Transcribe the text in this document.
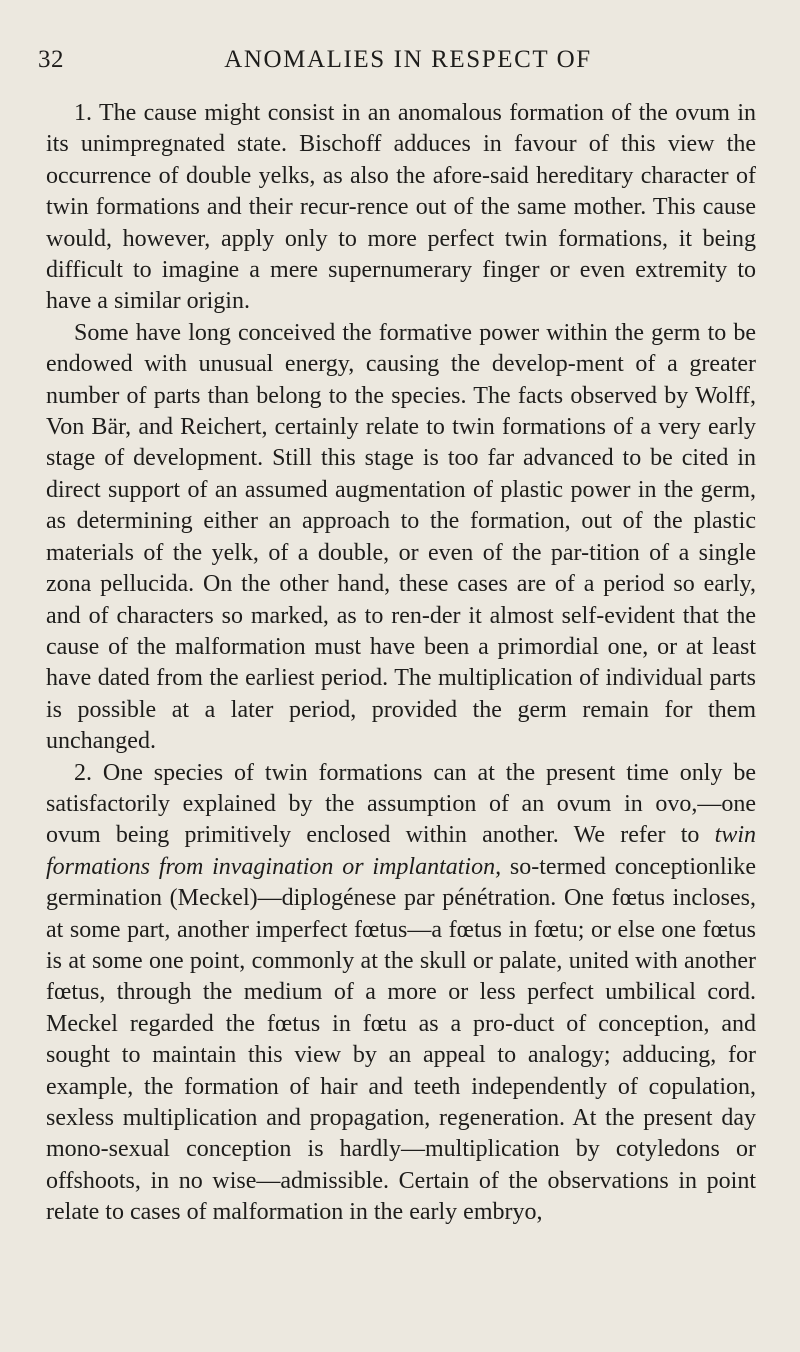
32	ANOMALIES IN RESPECT OF

1. The cause might consist in an anomalous formation of the ovum in its unimpregnated state. Bischoff adduces in favour of this view the occurrence of double yelks, as also the afore-said hereditary character of twin formations and their recur-rence out of the same mother. This cause would, however, apply only to more perfect twin formations, it being difficult to imagine a mere supernumerary finger or even extremity to have a similar origin.

Some have long conceived the formative power within the germ to be endowed with unusual energy, causing the develop-ment of a greater number of parts than belong to the species. The facts observed by Wolff, Von Bär, and Reichert, certainly relate to twin formations of a very early stage of development. Still this stage is too far advanced to be cited in direct support of an assumed augmentation of plastic power in the germ, as determining either an approach to the formation, out of the plastic materials of the yelk, of a double, or even of the par-tition of a single zona pellucida. On the other hand, these cases are of a period so early, and of characters so marked, as to ren-der it almost self-evident that the cause of the malformation must have been a primordial one, or at least have dated from the earliest period. The multiplication of individual parts is possible at a later period, provided the germ remain for them unchanged.

2. One species of twin formations can at the present time only be satisfactorily explained by the assumption of an ovum in ovo,—one ovum being primitively enclosed within another. We refer to twin formations from invagination or implantation, so-termed conceptionlike germination (Meckel)—diplogénese par pénétration. One fœtus incloses, at some part, another imperfect fœtus—a fœtus in fœtu; or else one fœtus is at some one point, commonly at the skull or palate, united with another fœtus, through the medium of a more or less perfect umbilical cord. Meckel regarded the fœtus in fœtu as a pro-duct of conception, and sought to maintain this view by an appeal to analogy; adducing, for example, the formation of hair and teeth independently of copulation, sexless multiplication and propagation, regeneration. At the present day mono-sexual conception is hardly—multiplication by cotyledons or offshoots, in no wise—admissible. Certain of the observations in point relate to cases of malformation in the early embryo,
